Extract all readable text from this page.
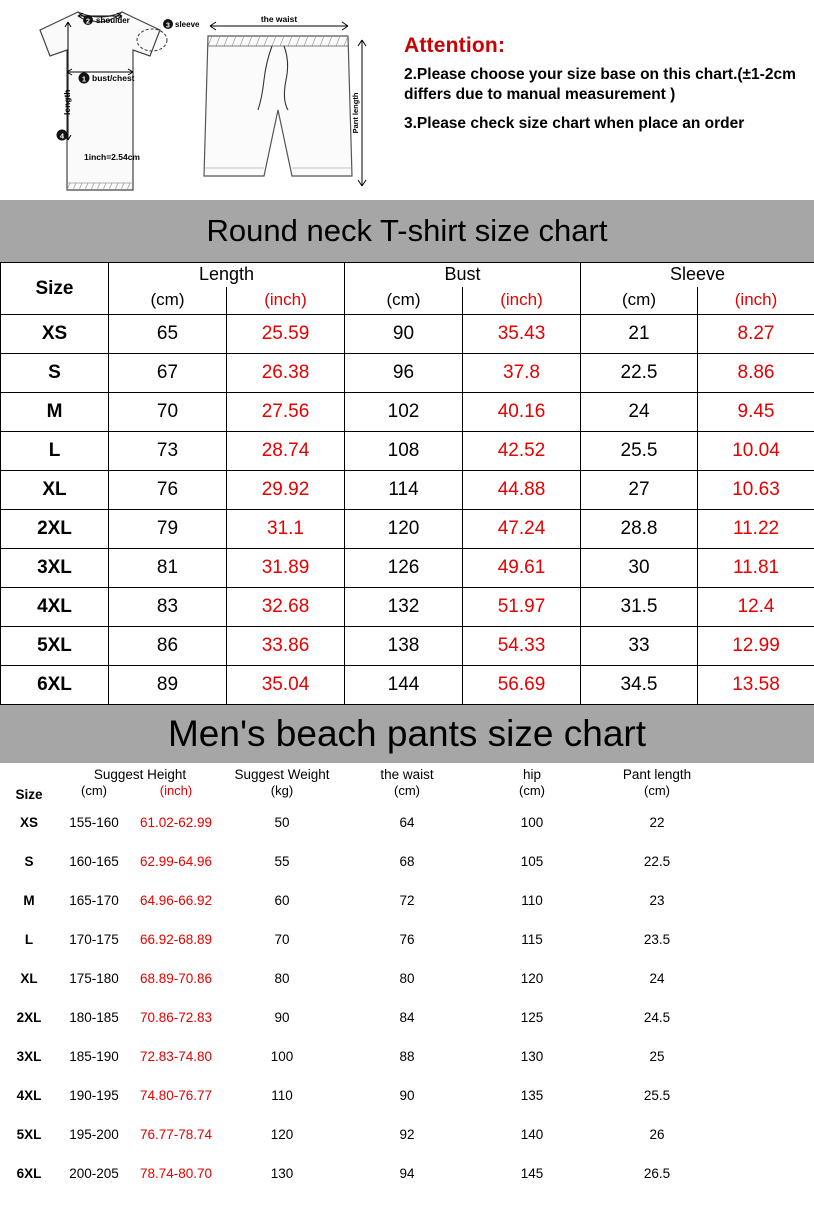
2 shoulder
3 sleeve
1 bust/chest
4
length
1inch=2.54cm
the waist
Pant length
Attention:
2.Please choose your size base on this chart.(±1-2cm differs due to manual measurement )
3.Please check size chart when place an order
Round neck T-shirt size chart
Size	Length		Bust		Sleeve	
	(cm)	(inch)	(cm)	(inch)	(cm)	(inch)
XS	65	25.59	90	35.43	21	8.27
S	67	26.38	96	37.8	22.5	8.86
M	70	27.56	102	40.16	24	9.45
L	73	28.74	108	42.52	25.5	10.04
XL	76	29.92	114	44.88	27	10.63
2XL	79	31.1	120	47.24	28.8	11.22
3XL	81	31.89	126	49.61	30	11.81
4XL	83	32.68	132	51.97	31.5	12.4
5XL	86	33.86	138	54.33	33	12.99
6XL	89	35.04	144	56.69	34.5	13.58
Men's beach pants size chart
Size	Suggest Height		Suggest Weight	the waist	hip	Pant length	
	(cm)	(inch)	(kg)	(cm)	(cm)	(cm)	
XS	155-160	61.02-62.99	50	64	100	22	
S	160-165	62.99-64.96	55	68	105	22.5	
M	165-170	64.96-66.92	60	72	110	23	
L	170-175	66.92-68.89	70	76	115	23.5	
XL	175-180	68.89-70.86	80	80	120	24	
2XL	180-185	70.86-72.83	90	84	125	24.5	
3XL	185-190	72.83-74.80	100	88	130	25	
4XL	190-195	74.80-76.77	110	90	135	25.5	
5XL	195-200	76.77-78.74	120	92	140	26	
6XL	200-205	78.74-80.70	130	94	145	26.5	
